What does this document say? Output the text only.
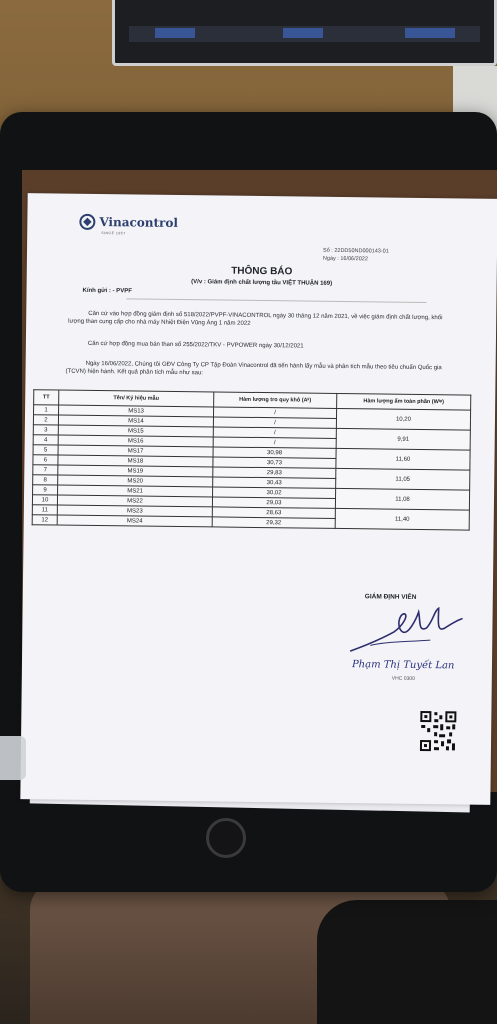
Vinacontrol
SINCE 1957
Số : 22DD50ND000143-01
Ngày : 16/06/2022
THÔNG BÁO
(V/v : Giám định chất lượng tầu VIỆT THUẬN 169)
Kính gửi : - PVPF
Căn cứ vào hợp đồng giám định số 518/2022/PVPF-VINACONTROL ngày 30 tháng 12 năm 2021, về việc giám định chất lượng, khối lượng than cung cấp cho nhà máy Nhiệt Điện Vũng Áng 1 năm 2022
Căn cứ hợp đồng mua bán than số 255/2022/TKV - PVPOWER ngày 30/12/2021
Ngày 16/06/2022, Chúng tôi GĐV Công Ty CP Tập Đoàn Vinacontrol đã tiến hành lấy mẫu và phân tích mẫu theo tiêu chuẩn Quốc gia (TCVN) hiện hành. Kết quả phân tích mẫu như sau:
TT	Tên/ Ký hiệu mẫu	Hàm lượng tro quy khô (Aᵏ)	Hàm lượng ẩm toàn phần (Wᵗᵖ)
1	MS13	/	10,20
2	MS14	/	
3	MS15	/	9,91
4	MS16	/	
5	MS17	30,98	11,60
6	MS18	30,73	
7	MS19	29,83	11,05
8	MS20	30,43	
9	MS21	30,02	11,08
10	MS22	29,03	
11	MS23	28,63	11,40
12	MS24	29,32	
GIÁM ĐỊNH VIÊN
Phạm Thị Tuyết Lan
VHC 0300
